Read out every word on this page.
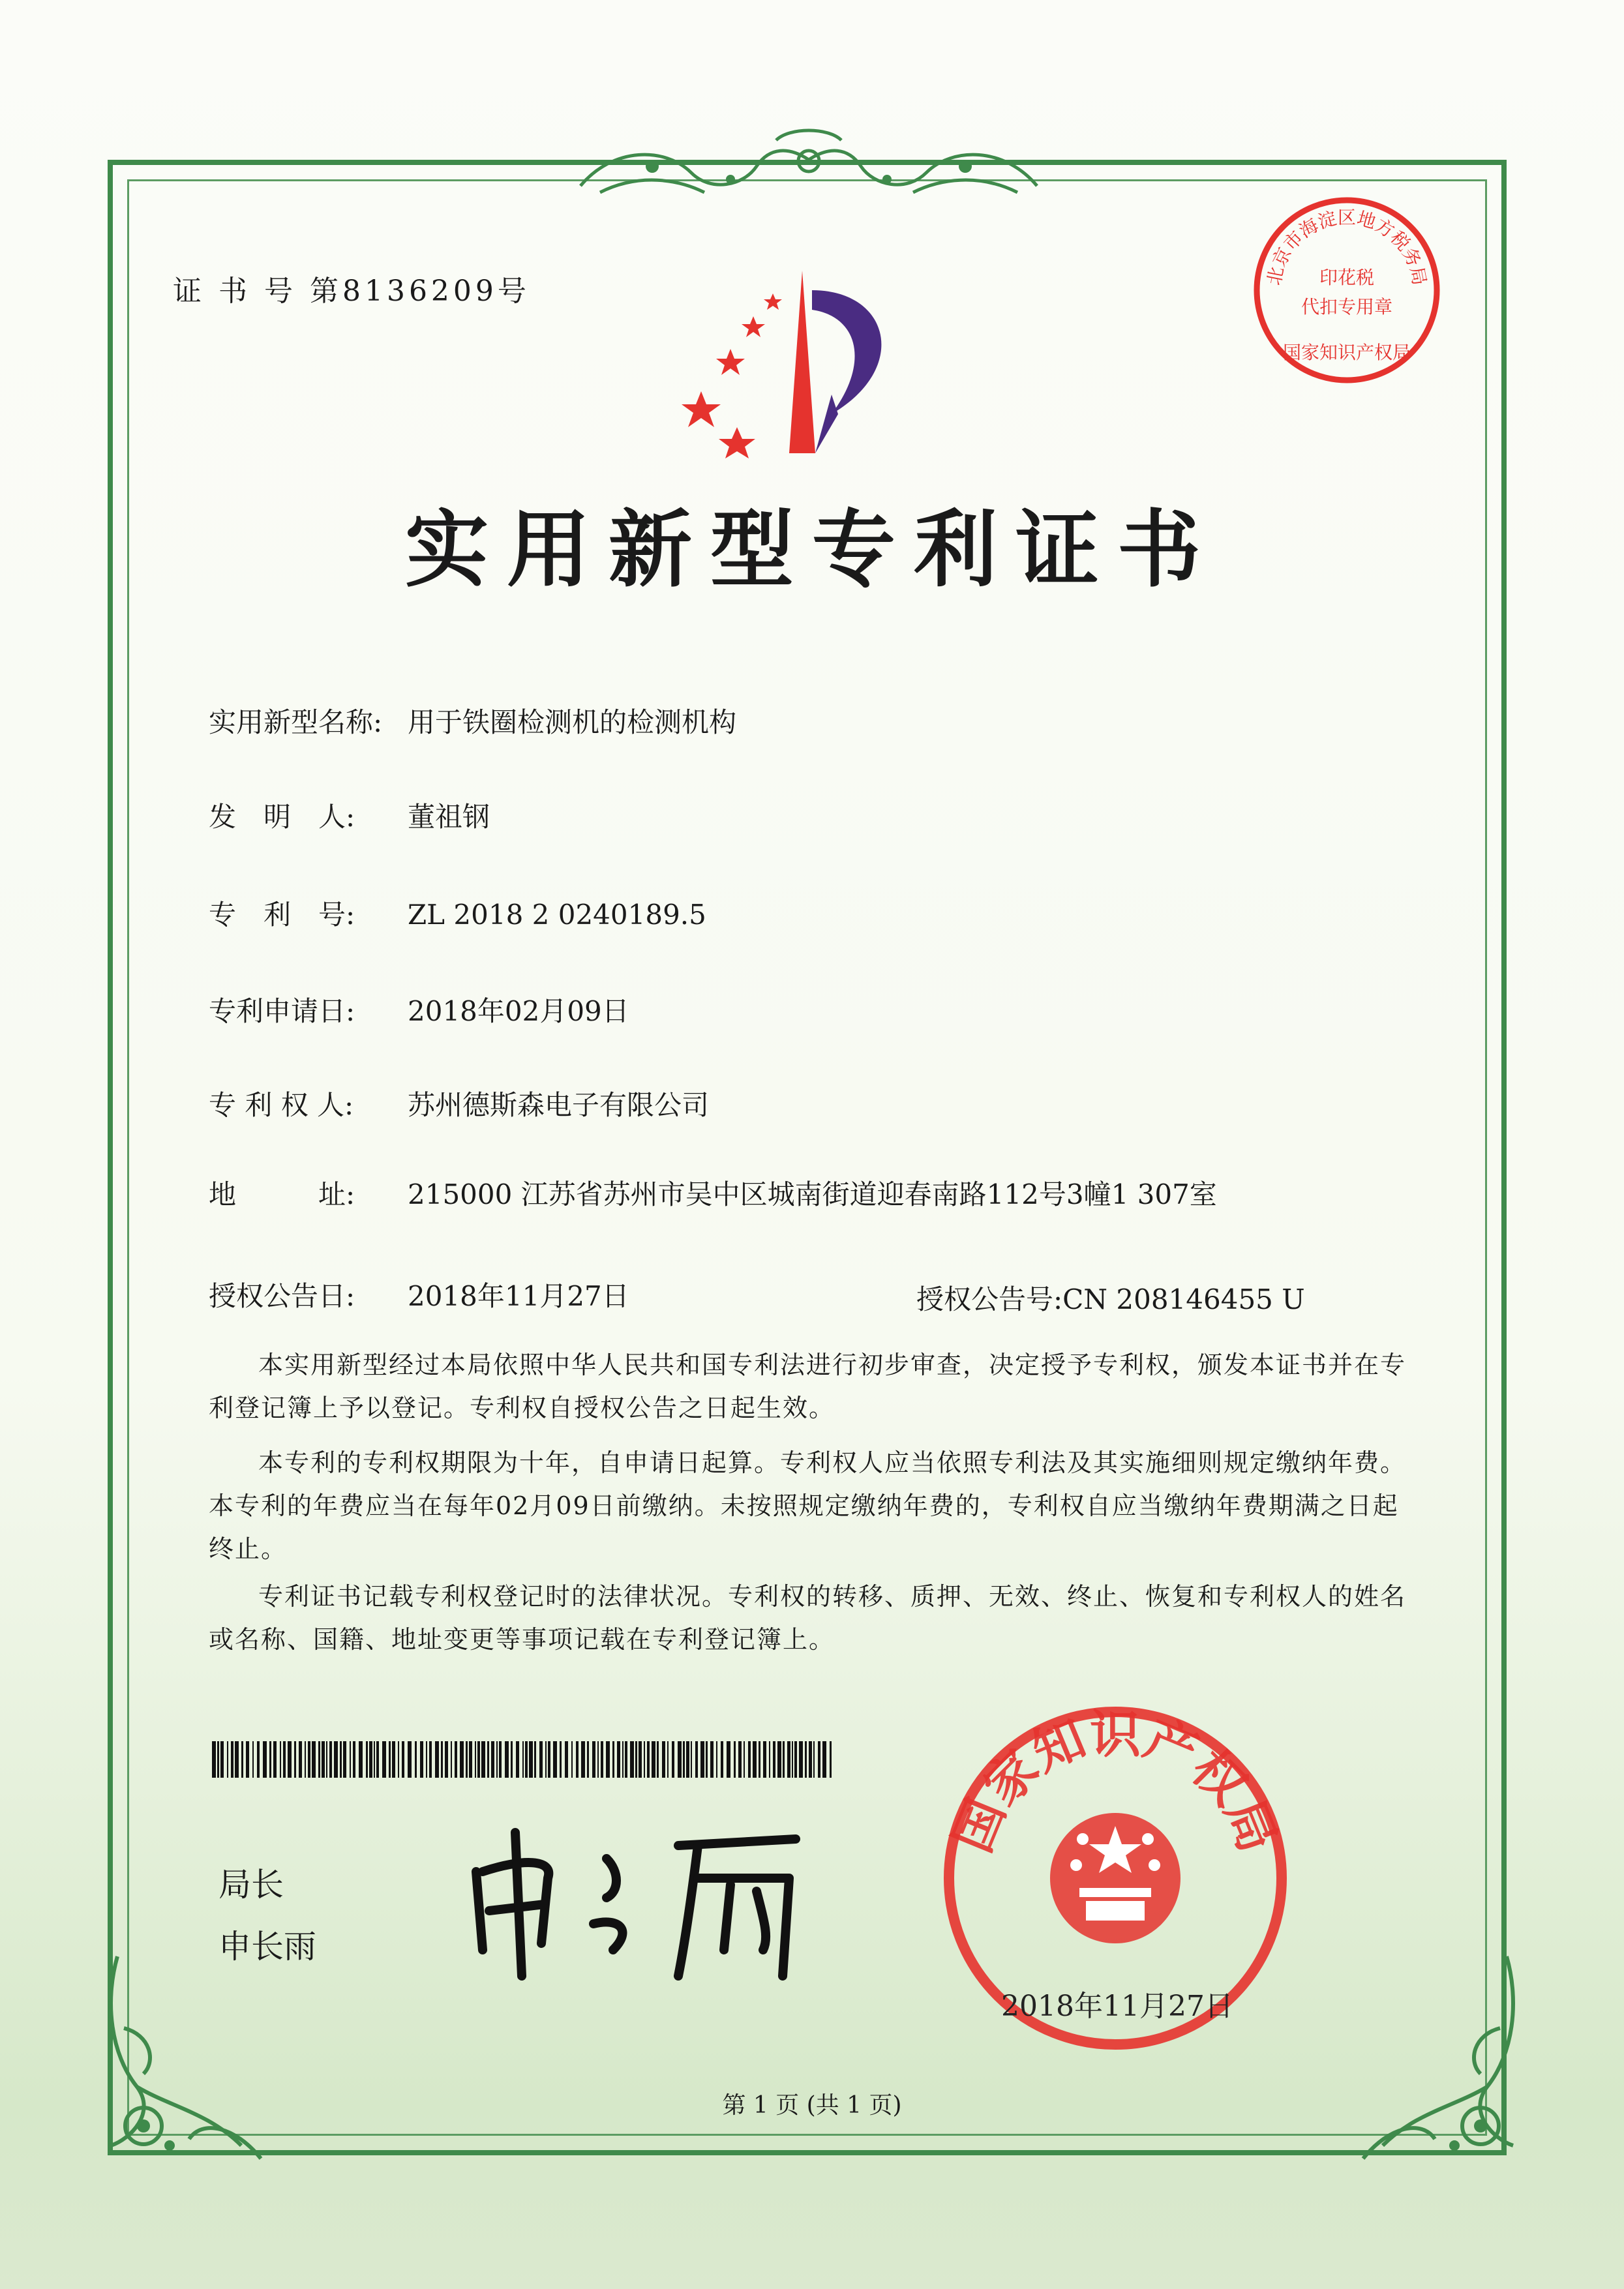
证 书 号 第8136209号	北京市海淀区地方税务局
印花税
代扣专用章
国家知识产权局
实用新型专利证书
实用新型名称: 用于铁圈检测机的检测机构
发　明　人: 董祖钢
专　利　号: ZL 2018 2 0240189.5
专利申请日: 2018年02月09日
专 利 权 人: 苏州德斯森电子有限公司
地　　　址: 215000 江苏省苏州市吴中区城南街道迎春南路112号3幢1 307室
授权公告日: 2018年11月27日	授权公告号:CN 208146455 U
本实用新型经过本局依照中华人民共和国专利法进行初步审查，决定授予专利权，颁发本证书并在专利登记簿上予以登记。专利权自授权公告之日起生效。
本专利的专利权期限为十年，自申请日起算。专利权人应当依照专利法及其实施细则规定缴纳年费。本专利的年费应当在每年02月09日前缴纳。未按照规定缴纳年费的，专利权自应当缴纳年费期满之日起终止。
专利证书记载专利权登记时的法律状况。专利权的转移、质押、无效、终止、恢复和专利权人的姓名或名称、国籍、地址变更等事项记载在专利登记簿上。
局长
申长雨
国家知识产权局
2018年11月27日
第 1 页 (共 1 页)
